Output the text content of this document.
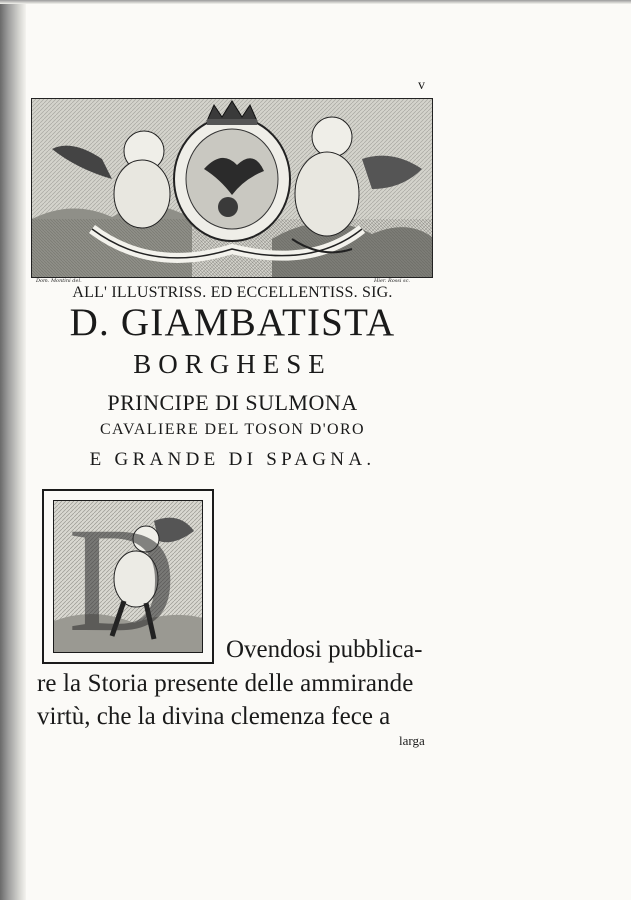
v
Dom. Montini del.	Hier. Rossi sc.
ALL' ILLUSTRISS. ED ECCELLENTISS. SIG.
D. GIAMBATISTA
BORGHESE
PRINCIPE DI SULMONA
CAVALIERE DEL TOSON D'ORO
E GRANDE DI SPAGNA.
D Ovendosi pubblica-
re la Storia presente delle ammirande
virtù, che la divina clemenza fece a
larga
